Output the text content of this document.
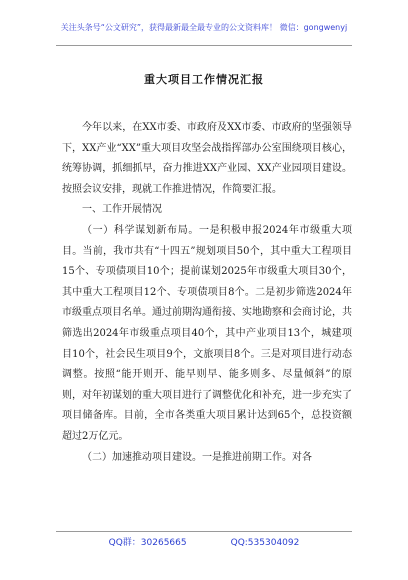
关注头条号“公文研究”，获得最新最全最专业的公文资料库！ 微信：gongwenyj
重大项目工作情况汇报

今年以来，在XX市委、市政府及XX市委、市政府的坚强领导下，XX产业“XX”重大项目攻坚会战指挥部办公室围绕项目核心，统筹协调，抓细抓早，奋力推进XX产业园、XX产业园项目建设。按照会议安排，现就工作推进情况，作简要汇报。

一、工作开展情况

（一）科学谋划新布局。一是积极申报2024年市级重大项目。当前，我市共有“十四五”规划项目50个，其中重大工程项目15个、专项债项目10个；提前谋划2025年市级重大项目30个，其中重大工程项目12个、专项债项目8个。二是初步筛选2024年市级重点项目名单。通过前期沟通衔接、实地勘察和会商讨论，共筛选出2024年市级重点项目40个，其中产业项目13个，城建项目10个，社会民生项目9个，文旅项目8个。三是对项目进行动态调整。按照“能开则开、能早则早、能多则多、尽量倾斜”的原则，对年初谋划的重大项目进行了调整优化和补充，进一步充实了项目储备库。目前，全市各类重大项目累计达到65个，总投资额超过2万亿元。

（二）加速推动项目建设。一是推进前期工作。对各

QQ群：30265665	QQ:535304092
